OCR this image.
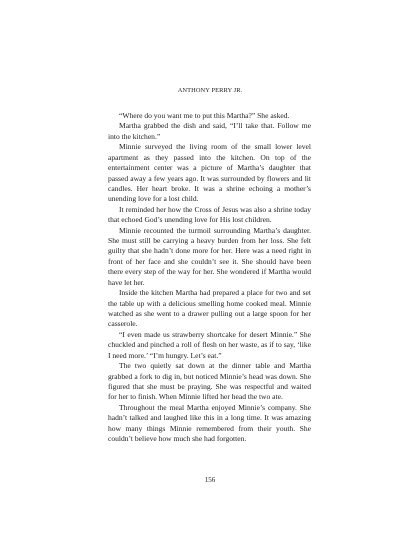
ANTHONY PERRY JR.

“Where do you want me to put this Martha?” She asked.

Martha grabbed the dish and said, “I’ll take that. Follow me into the kitchen.”

Minnie surveyed the living room of the small lower level apartment as they passed into the kitchen. On top of the entertainment center was a picture of Martha’s daughter that passed away a few years ago. It was surrounded by flowers and lit candles. Her heart broke. It was a shrine echoing a mother’s unending love for a lost child.

It reminded her how the Cross of Jesus was also a shrine today that echoed God’s unending love for His lost children.

Minnie recounted the turmoil surrounding Martha’s daughter. She must still be carrying a heavy burden from her loss. She felt guilty that she hadn’t done more for her. Here was a need right in front of her face and she couldn’t see it. She should have been there every step of the way for her. She wondered if Martha would have let her.

Inside the kitchen Martha had prepared a place for two and set the table up with a delicious smelling home cooked meal. Minnie watched as she went to a drawer pulling out a large spoon for her casserole.

“I even made us strawberry shortcake for desert Minnie.” She chuckled and pinched a roll of flesh on her waste, as if to say, ‘like I need more.’ “I’m hungry. Let’s eat.”

The two quietly sat down at the dinner table and Martha grabbed a fork to dig in, but noticed Minnie’s head was down. She figured that she must be praying. She was respectful and waited for her to finish. When Minnie lifted her head the two ate.

Throughout the meal Martha enjoyed Minnie’s company. She hadn’t talked and laughed like this in a long time. It was amazing how many things Minnie remembered from their youth. She couldn’t believe how much she had forgotten.

156
